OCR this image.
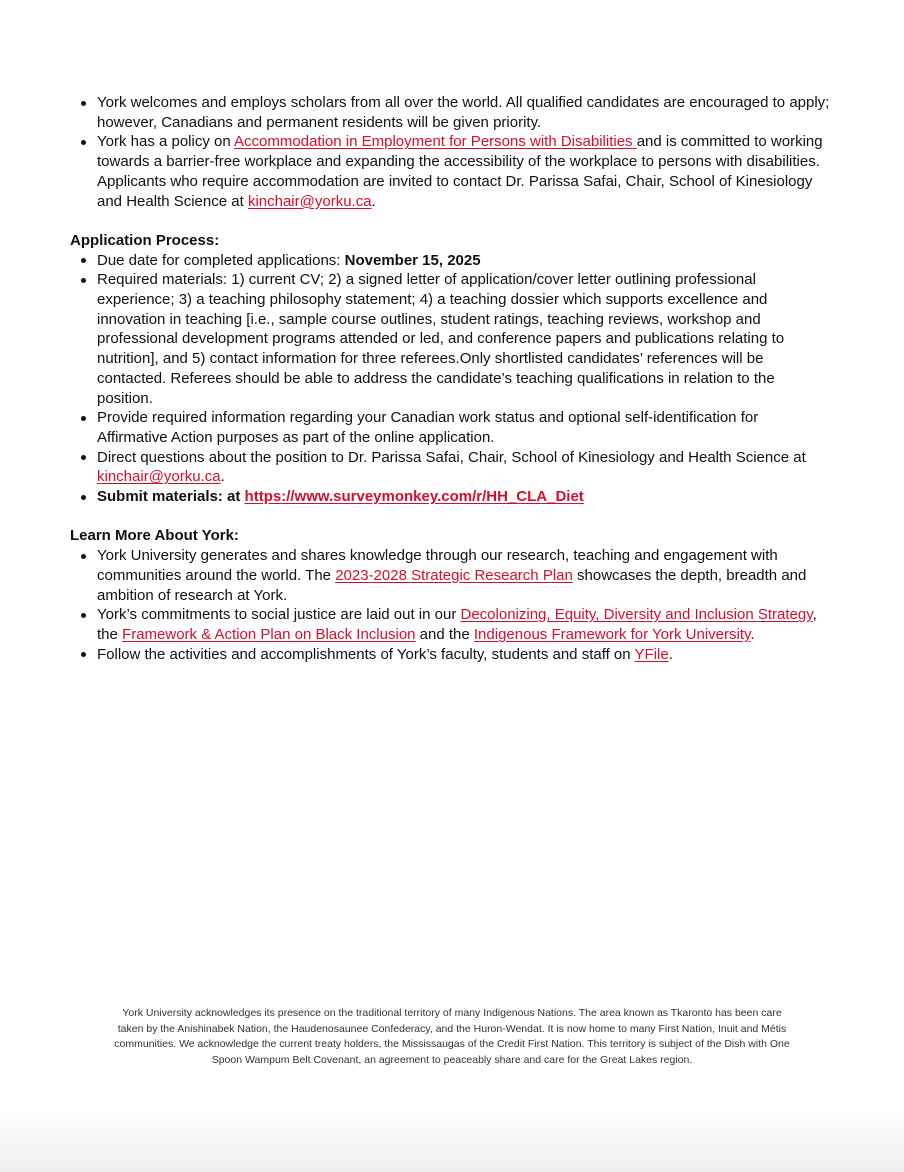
York welcomes and employs scholars from all over the world. All qualified candidates are encouraged to apply; however, Canadians and permanent residents will be given priority.
York has a policy on Accommodation in Employment for Persons with Disabilities and is committed to working towards a barrier-free workplace and expanding the accessibility of the workplace to persons with disabilities. Applicants who require accommodation are invited to contact Dr. Parissa Safai, Chair, School of Kinesiology and Health Science at kinchair@yorku.ca.

Application Process:

Due date for completed applications: November 15, 2025
Required materials: 1) current CV; 2) a signed letter of application/cover letter outlining professional experience; 3) a teaching philosophy statement; 4) a teaching dossier which supports excellence and innovation in teaching [i.e., sample course outlines, student ratings, teaching reviews, workshop and professional development programs attended or led, and conference papers and publications relating to nutrition], and 5) contact information for three referees.Only shortlisted candidates’ references will be contacted. Referees should be able to address the candidate’s teaching qualifications in relation to the position.
Provide required information regarding your Canadian work status and optional self-identification for Affirmative Action purposes as part of the online application.
Direct questions about the position to Dr. Parissa Safai, Chair, School of Kinesiology and Health Science at kinchair@yorku.ca.
Submit materials: at https://www.surveymonkey.com/r/HH_CLA_Diet

Learn More About York:

York University generates and shares knowledge through our research, teaching and engagement with communities around the world. The 2023-2028 Strategic Research Plan showcases the depth, breadth and ambition of research at York.
York’s commitments to social justice are laid out in our Decolonizing, Equity, Diversity and Inclusion Strategy, the Framework & Action Plan on Black Inclusion and the Indigenous Framework for York University.
Follow the activities and accomplishments of York’s faculty, students and staff on YFile.
York University acknowledges its presence on the traditional territory of many Indigenous Nations. The area known as Tkaronto has been care taken by the Anishinabek Nation, the Haudenosaunee Confederacy, and the Huron-Wendat. It is now home to many First Nation, Inuit and Métis communities. We acknowledge the current treaty holders, the Mississaugas of the Credit First Nation. This territory is subject of the Dish with One Spoon Wampum Belt Covenant, an agreement to peaceably share and care for the Great Lakes region.
